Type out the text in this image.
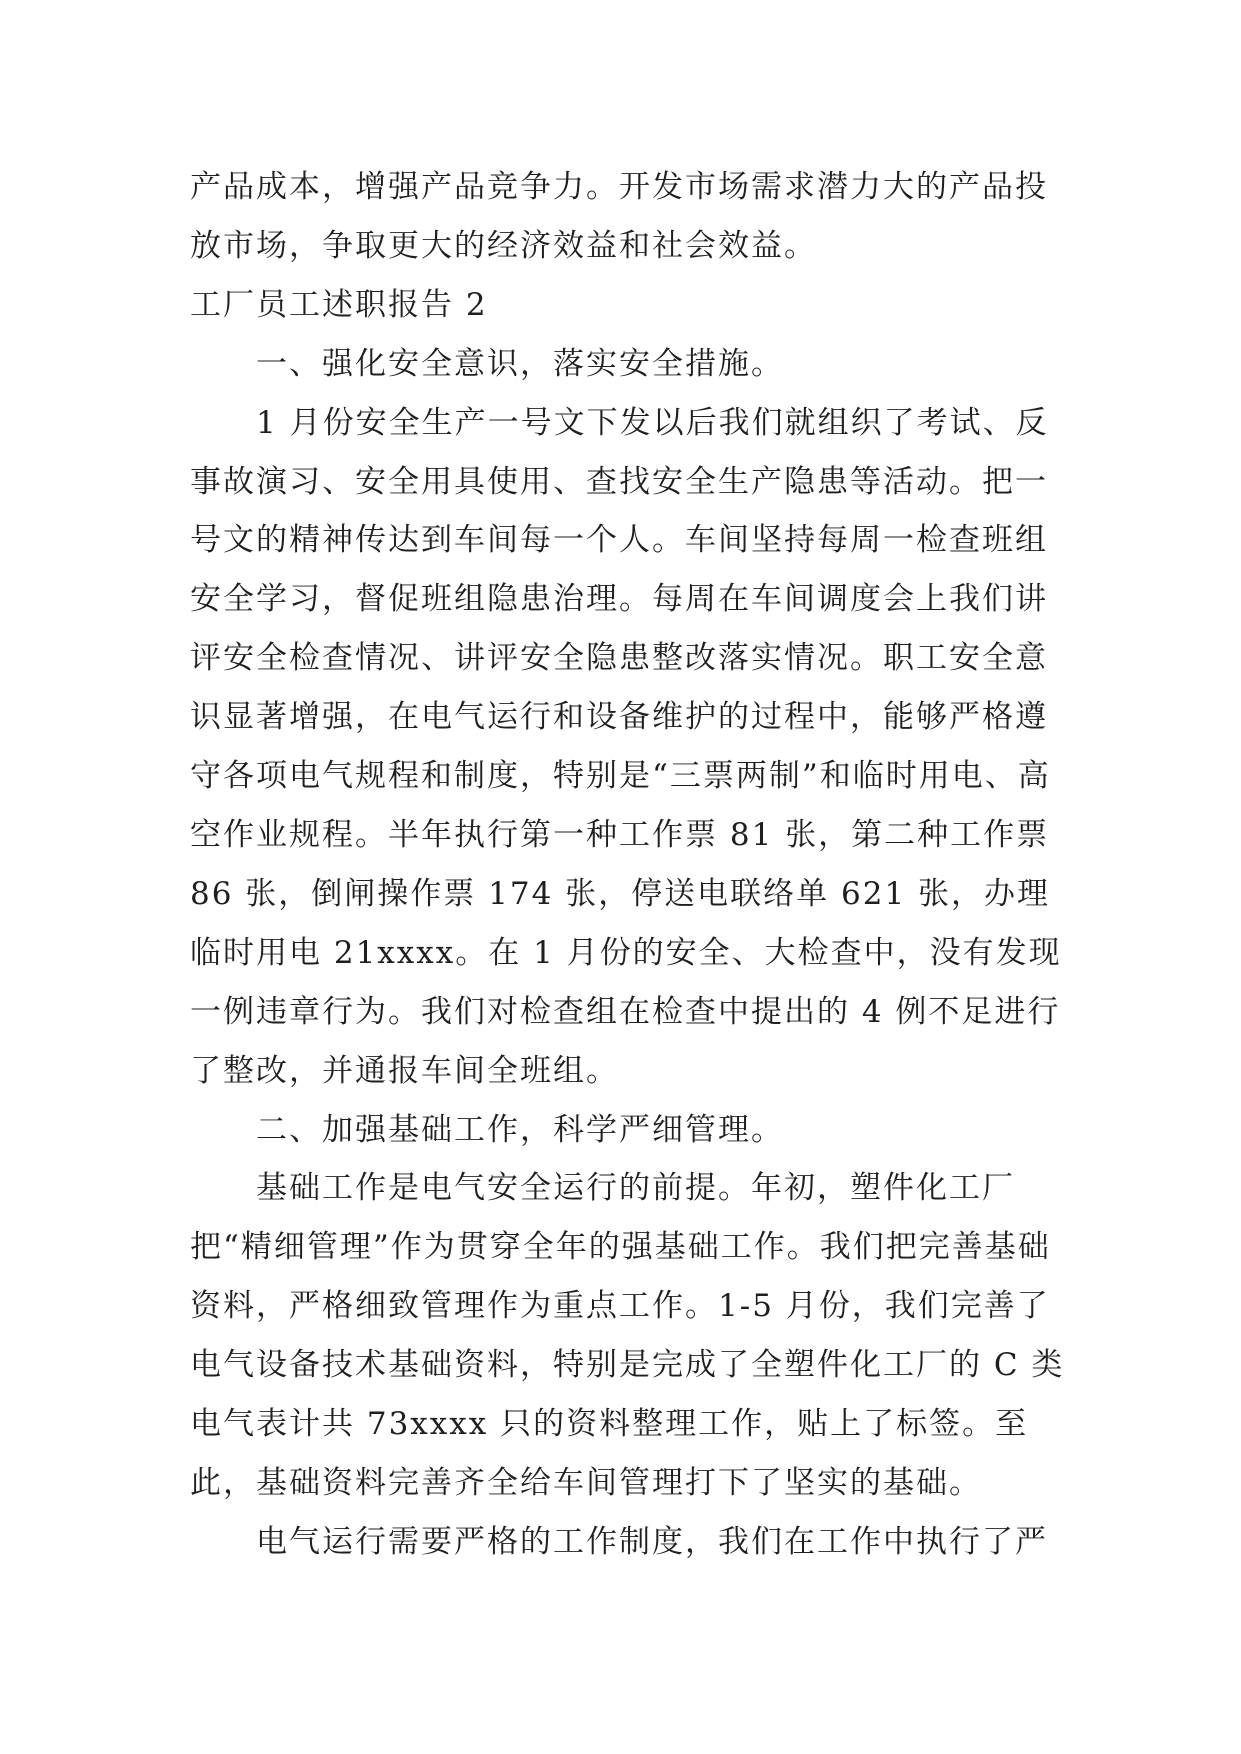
产品成本，增强产品竞争力。开发市场需求潜力大的产品投放市场，争取更大的经济效益和社会效益。

工厂员工述职报告 2

一、强化安全意识，落实安全措施。

1 月份安全生产一号文下发以后我们就组织了考试、反事故演习、安全用具使用、查找安全生产隐患等活动。把一号文的精神传达到车间每一个人。车间坚持每周一检查班组安全学习，督促班组隐患治理。每周在车间调度会上我们讲评安全检查情况、讲评安全隐患整改落实情况。职工安全意识显著增强，在电气运行和设备维护的过程中，能够严格遵守各项电气规程和制度，特别是“三票两制”和临时用电、高空作业规程。半年执行第一种工作票 81 张，第二种工作票 86 张，倒闸操作票 174 张，停送电联络单 621 张，办理临时用电 21xxxx。在 1 月份的安全、大检查中，没有发现一例违章行为。我们对检查组在检查中提出的 4 例不足进行了整改，并通报车间全班组。

二、加强基础工作，科学严细管理。

基础工作是电气安全运行的前提。年初，塑件化工厂把“精细管理”作为贯穿全年的强基础工作。我们把完善基础资料，严格细致管理作为重点工作。1-5 月份，我们完善了电气设备技术基础资料，特别是完成了全塑件化工厂的 C 类电气表计共 73xxxx 只的资料整理工作，贴上了标签。至此，基础资料完善齐全给车间管理打下了坚实的基础。

电气运行需要严格的工作制度，我们在工作中执行了严
